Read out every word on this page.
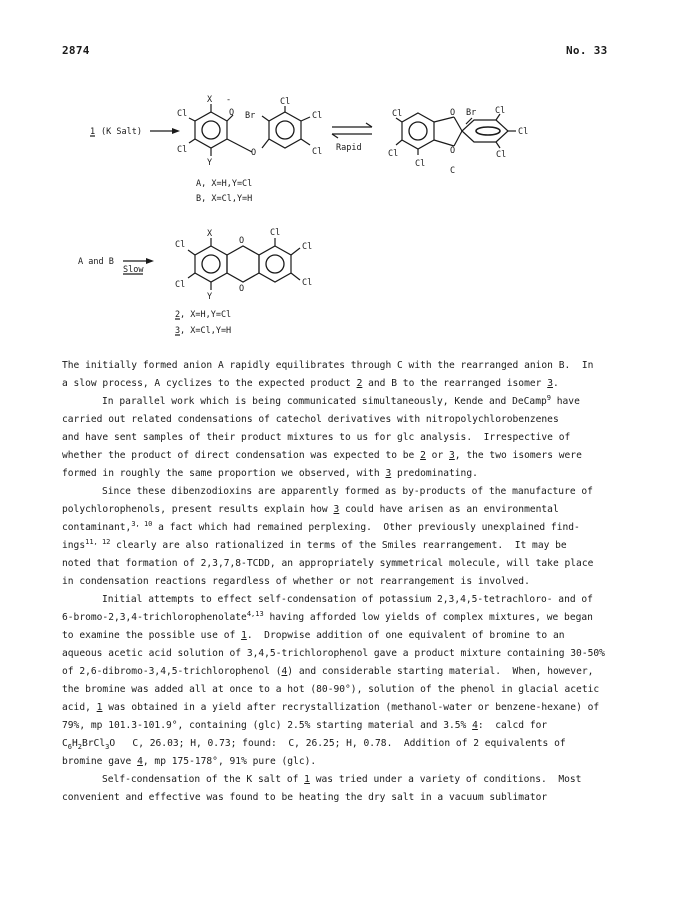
2874	No. 33
1 (K Salt)
X -
O
Cl
Cl
Y
O
Br
Cl
Cl
Cl
A, X=H,Y=Cl
B, X=Cl,Y=H
Rapid
Cl
Cl
Cl
O
O
Br Cl
Cl
Cl
C
A and B
Slow
X
Cl
Cl
Y
O
O
Cl
Cl
Cl
2 , X=H,Y=Cl
3 , X=Cl,Y=H
The initially formed anion A rapidly equilibrates through C with the rearranged anion B.  In
a slow process, A cyclizes to the expected product 2 and B to the rearranged isomer 3.
In parallel work which is being communicated simultaneously, Kende and DeCamp$^9$ have
carried out related condensations of catechol derivatives with nitropolychlorobenzenes
and have sent samples of their product mixtures to us for glc analysis.  Irrespective of
whether the product of direct condensation was expected to be 2 or 3, the two isomers were
formed in roughly the same proportion we observed, with 3 predominating.
Since these dibenzodioxins are apparently formed as by-products of the manufacture of
polychlorophenols, present results explain how 3 could have arisen as an environmental
contaminant,$^{3, 10}$ a fact which had remained perplexing.  Other previously unexplained find-
ings$^{11, 12}$ clearly are also rationalized in terms of the Smiles rearrangement.  It may be
noted that formation of 2,3,7,8-TCDD, an appropriately symmetrical molecule, will take place
in condensation reactions regardless of whether or not rearrangement is involved.
Initial attempts to effect self-condensation of potassium 2,3,4,5-tetrachloro- and of
6-bromo-2,3,4-trichlorophenolate$^{4,13}$ having afforded low yields of complex mixtures, we began
to examine the possible use of 1.  Dropwise addition of one equivalent of bromine to an
aqueous acetic acid solution of 3,4,5-trichlorophenol gave a product mixture containing 30-50%
of 2,6-dibromo-3,4,5-trichlorophenol (4) and considerable starting material.  When, however,
the bromine was added all at once to a hot (80-90°), solution of the phenol in glacial acetic
acid, 1 was obtained in a yield after recrystallization (methanol-water or benzene-hexane) of
79%, mp 101.3-101.9°, containing (glc) 2.5% starting material and 3.5% 4:  calcd for
$C_6H_2BrCl_3O$   C, 26.03; H, 0.73; found:  C, 26.25; H, 0.78.  Addition of 2 equivalents of
bromine gave 4, mp 175-178°, 91% pure (glc).
Self-condensation of the K salt of 1 was tried under a variety of conditions.  Most
convenient and effective was found to be heating the dry salt in a vacuum sublimator
